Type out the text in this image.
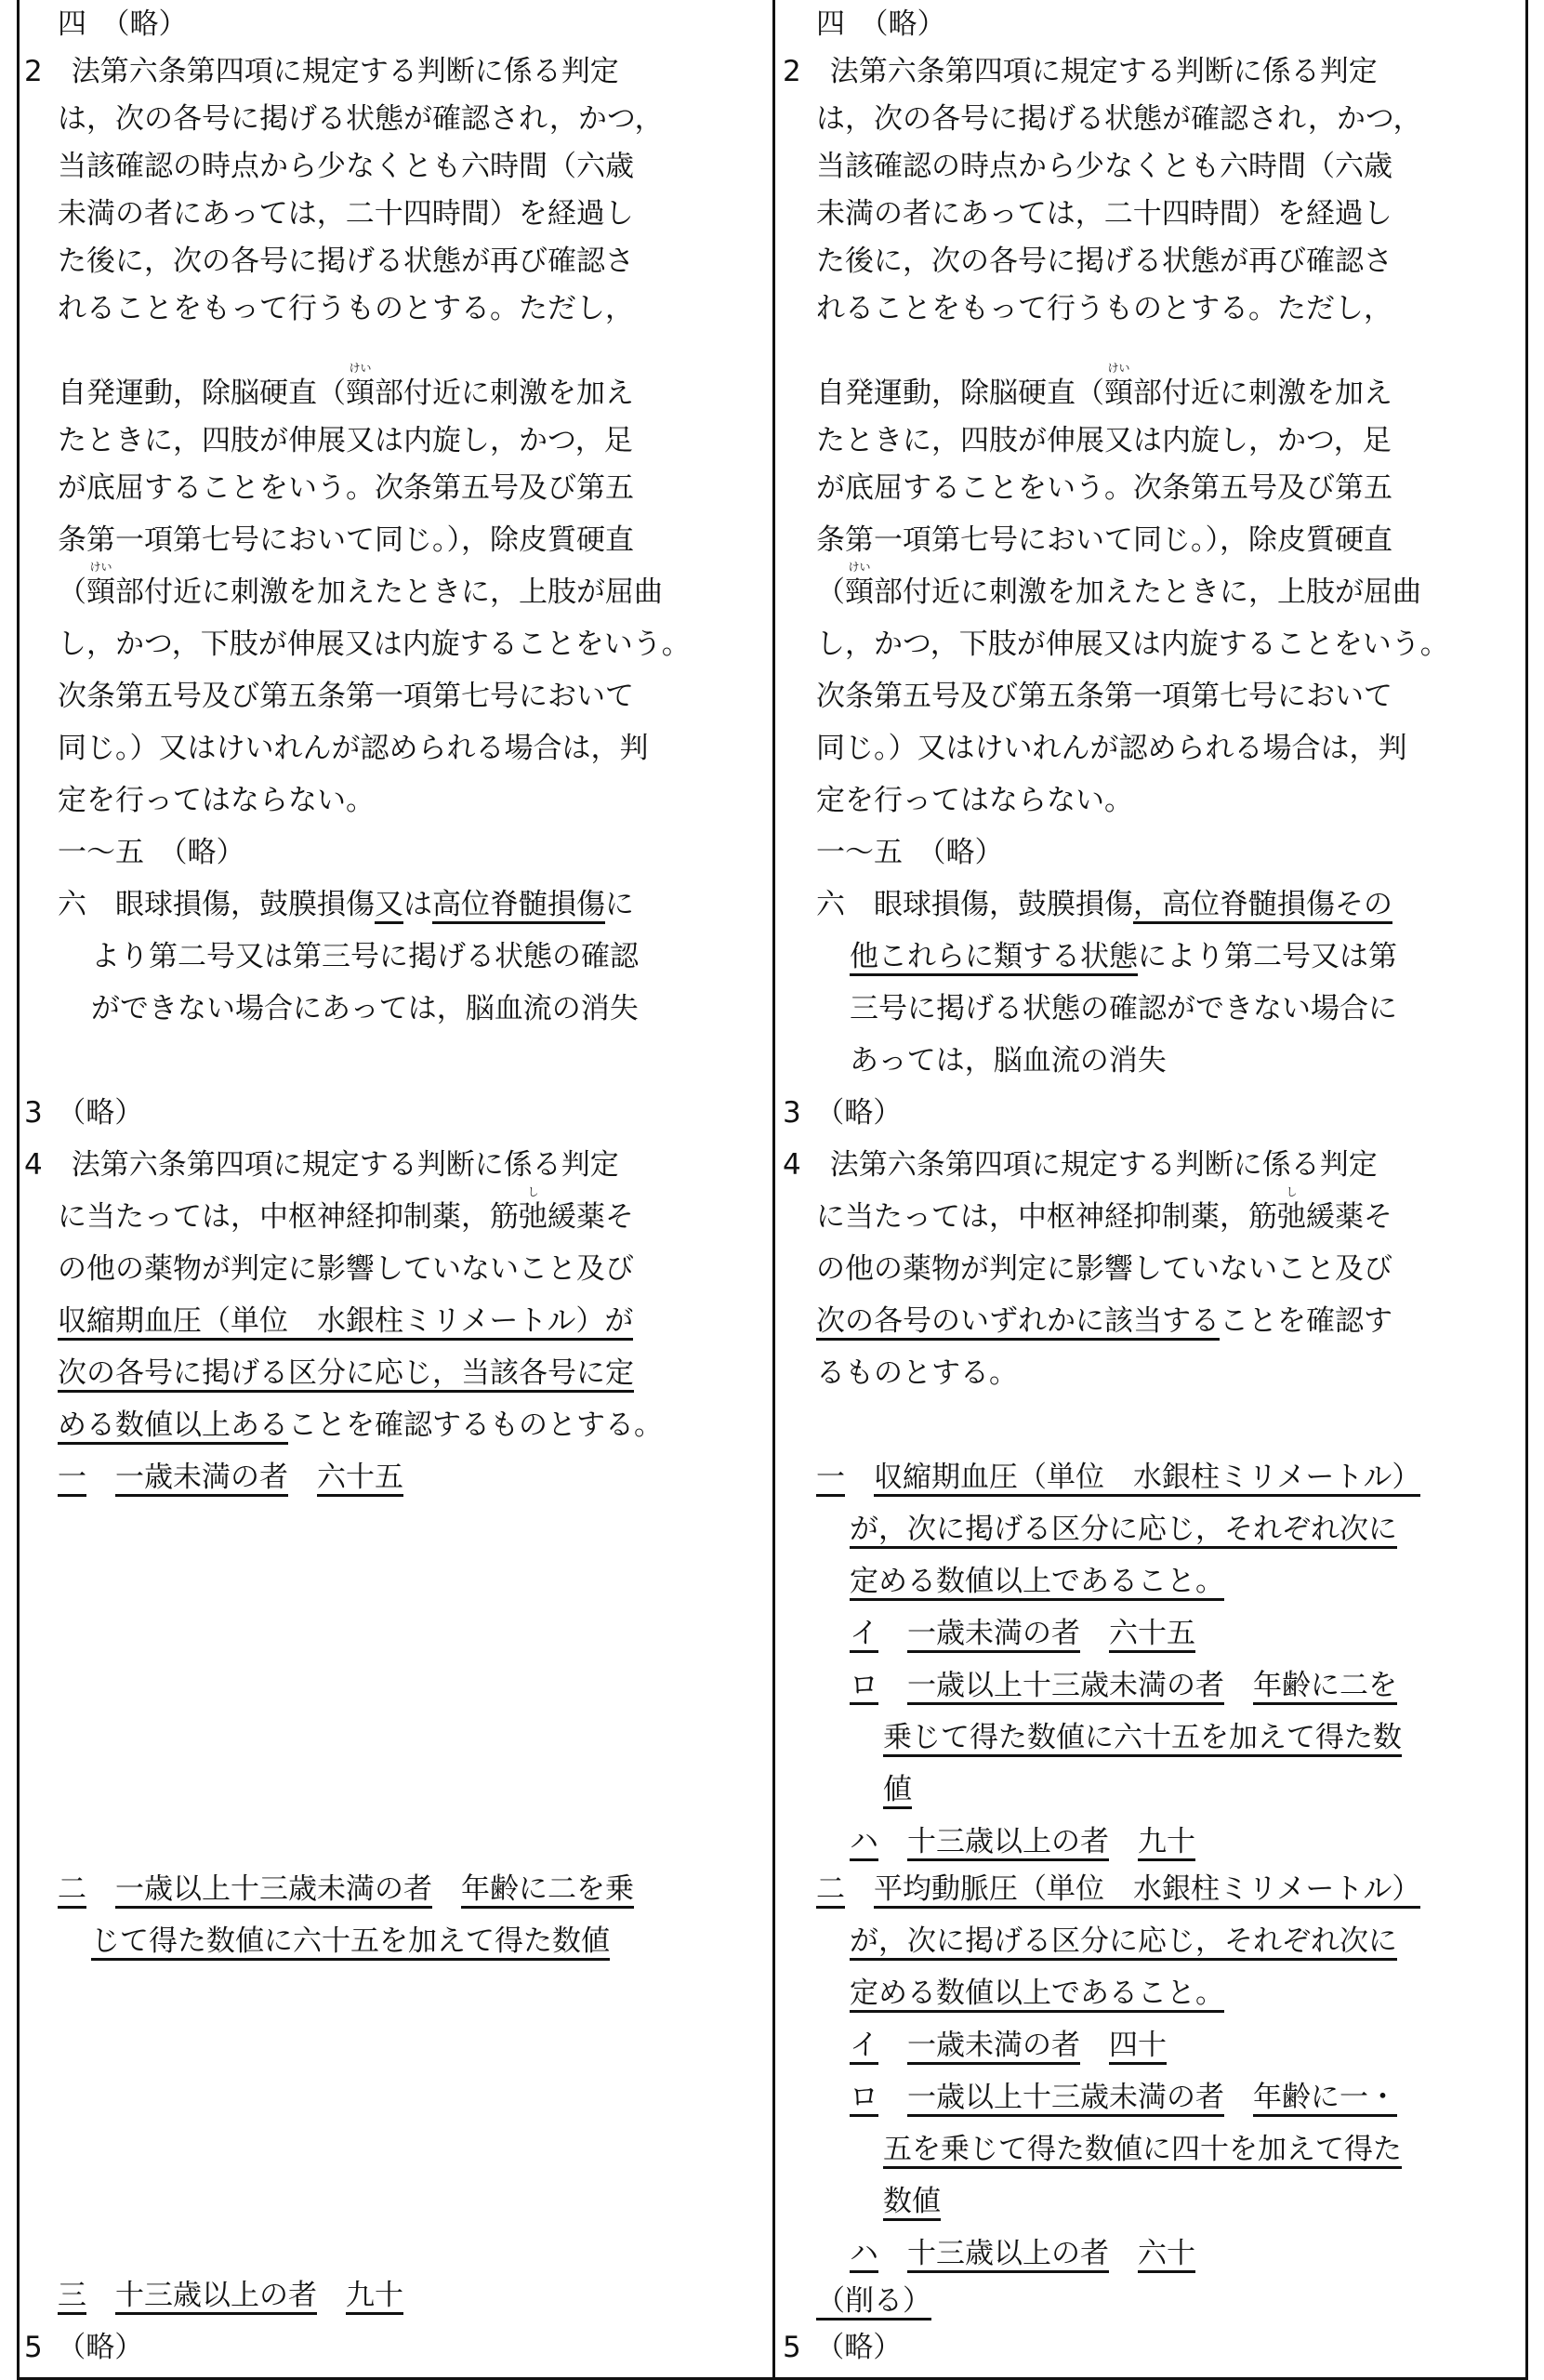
四　（略）
2　法第六条第四項に規定する判断に係る判定
は，次の各号に掲げる状態が確認され，かつ，
当該確認の時点から少なくとも六時間（六歳
未満の者にあっては，二十四時間）を経過し
た後に，次の各号に掲げる状態が再び確認さ
れることをもって行うものとする。ただし，
自発運動，除脳硬直（頸
けい
部付近に刺激を加え
たときに，四肢が伸展又は内旋し，かつ，足
が底屈することをいう。次条第五号及び第五
条第一項第七号において同じ。），除皮質硬直
（頸
けい
部付近に刺激を加えたときに，上肢が屈曲
し，かつ，下肢が伸展又は内旋することをいう。
次条第五号及び第五条第一項第七号において
同じ。）又はけいれんが認められる場合は，判
定を行ってはならない。
一～五　（略）
六　眼球損傷，鼓膜損傷又は高位脊髄損傷に
より第二号又は第三号に掲げる状態の確認
ができない場合にあっては，脳血流の消失
3　（略）
4　法第六条第四項に規定する判断に係る判定
に当たっては，中枢神経抑制薬，筋弛
し
緩薬そ
の他の薬物が判定に影響していないこと及び
収縮期血圧（単位　水銀柱ミリメートル）が
次の各号に掲げる区分に応じ，当該各号に定
める数値以上あることを確認するものとする。
一　 一歳未満の者　 六十五
二　 一歳以上十三歳未満の者　 年齢に二を乗
じて得た数値に六十五を加えて得た数値
三　 十三歳以上の者　 九十
5　（略）
四　（略）
2　法第六条第四項に規定する判断に係る判定
は，次の各号に掲げる状態が確認され，かつ，
当該確認の時点から少なくとも六時間（六歳
未満の者にあっては，二十四時間）を経過し
た後に，次の各号に掲げる状態が再び確認さ
れることをもって行うものとする。ただし，
自発運動，除脳硬直（頸
けい
部付近に刺激を加え
たときに，四肢が伸展又は内旋し，かつ，足
が底屈することをいう。次条第五号及び第五
条第一項第七号において同じ。），除皮質硬直
（頸
けい
部付近に刺激を加えたときに，上肢が屈曲
し，かつ，下肢が伸展又は内旋することをいう。
次条第五号及び第五条第一項第七号において
同じ。）又はけいれんが認められる場合は，判
定を行ってはならない。
一～五　（略）
六　眼球損傷，鼓膜損傷，高位脊髄損傷その
他これらに類する状態により第二号又は第
三号に掲げる状態の確認ができない場合に
あっては，脳血流の消失
3　（略）
4　法第六条第四項に規定する判断に係る判定
に当たっては，中枢神経抑制薬，筋弛
し
緩薬そ
の他の薬物が判定に影響していないこと及び
次の各号のいずれかに該当することを確認す
るものとする。
一　 収縮期血圧（単位　水銀柱ミリメートル）
が，次に掲げる区分に応じ，それぞれ次に
定める数値以上であること。
イ　 一歳未満の者　 六十五
ロ　 一歳以上十三歳未満の者　 年齢に二を
乗じて得た数値に六十五を加えて得た数
値
ハ　 十三歳以上の者　 九十
二　 平均動脈圧（単位　水銀柱ミリメートル）
が，次に掲げる区分に応じ，それぞれ次に
定める数値以上であること。
イ　 一歳未満の者　 四十
ロ　 一歳以上十三歳未満の者　 年齢に一・
五を乗じて得た数値に四十を加えて得た
数値
ハ　 十三歳以上の者　 六十
（削る）
5　（略）
